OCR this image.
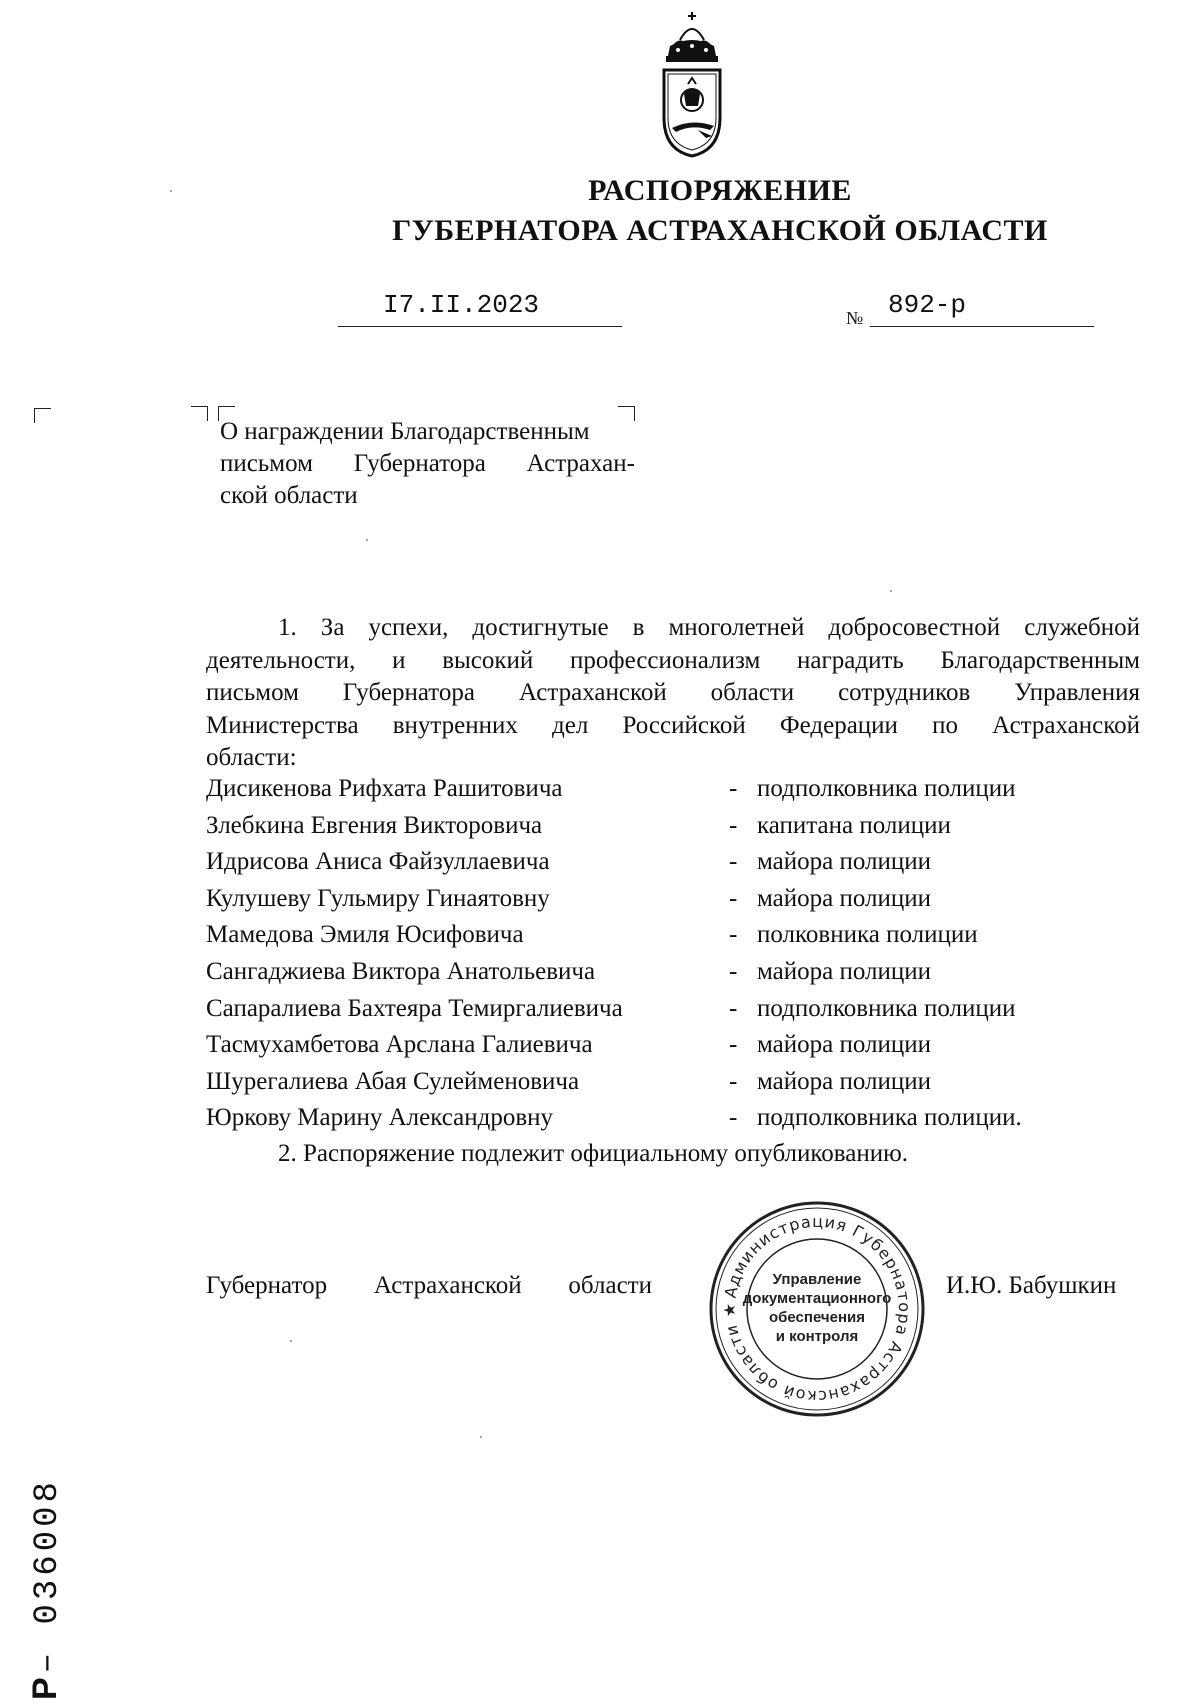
РАСПОРЯЖЕНИЕ
ГУБЕРНАТОРА АСТРАХАНСКОЙ ОБЛАСТИ
I7.II.2023	№ 892-р
О награждении Благодарственным
письмом Губернатора Астрахан-
ской области
1. За успехи, достигнутые в многолетней добросовестной служебной
деятельности, и высокий профессионализм наградить Благодарственным
письмом Губернатора Астраханской области сотрудников Управления
Министерства внутренних дел Российской Федерации по Астраханской
области:
Дисикенова Рифхата Рашитовича	- подполковника полиции
Злебкина Евгения Викторовича	- капитана полиции
Идрисова Аниса Файзуллаевича	- майора полиции
Кулушеву Гульмиру Гинаятовну	- майора полиции
Мамедова Эмиля Юсифовича	- полковника полиции
Сангаджиева Виктора Анатольевича	- майора полиции
Сапаралиева Бахтеяра Темиргалиевича	- подполковника полиции
Тасмухамбетова Арслана Галиевича	- майора полиции
Шурегалиева Абая Сулейменовича	- майора полиции
Юркову Марину Александровну	- подполковника полиции.
2. Распоряжение подлежит официальному опубликованию.
Губернатор Астраханской области	И.Ю. Бабушкин
Администрация Губернатора Астраханской области ★
Управление
документационного
обеспечения
и контроля
Р– 036008
